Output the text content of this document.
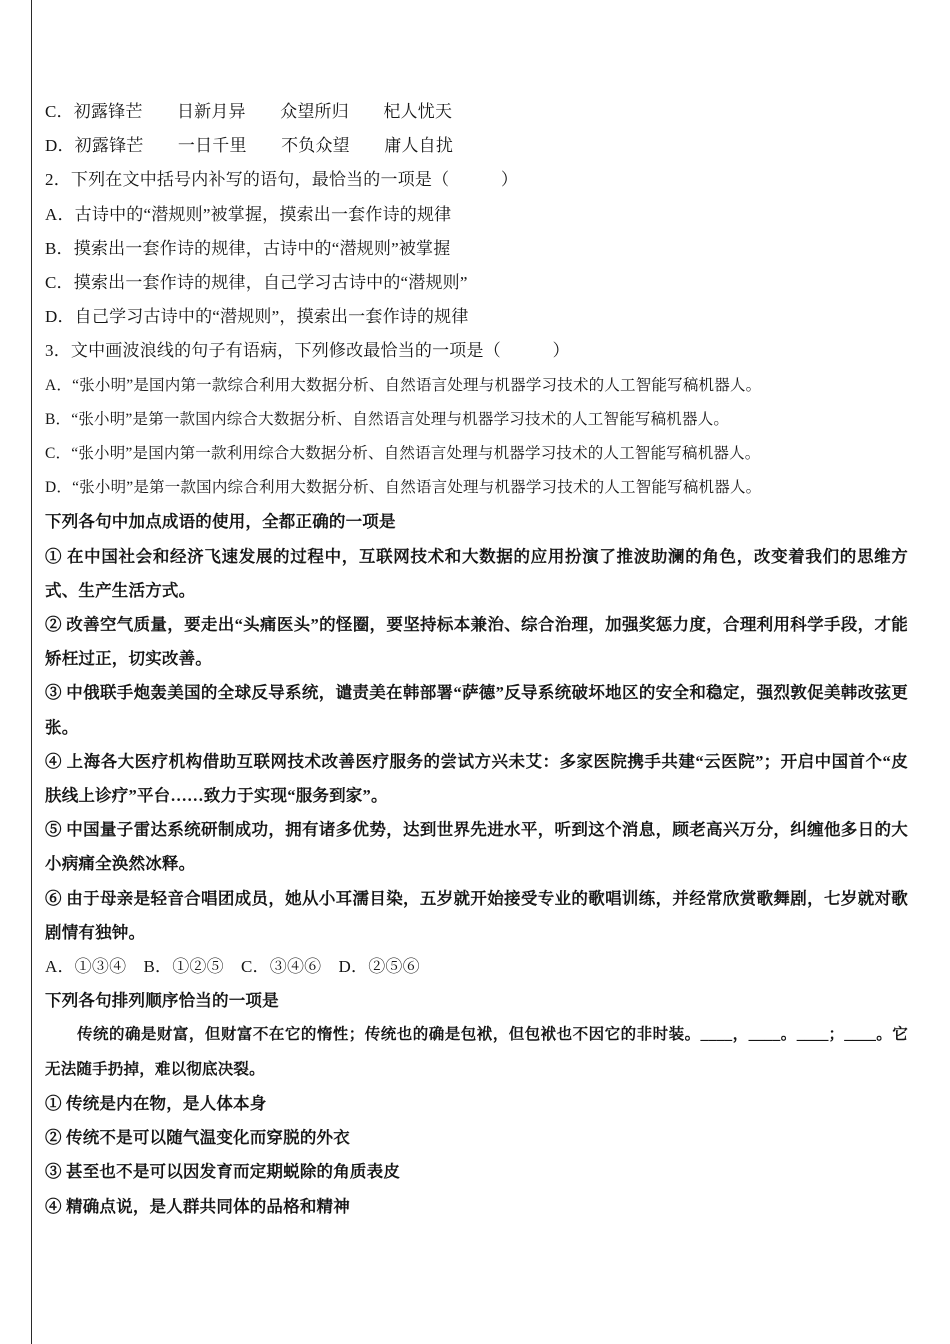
C．初露锋芒　　日新月异　　众望所归　　杞人忧天
D．初露锋芒　　一日千里　　不负众望　　庸人自扰
2．下列在文中括号内补写的语句，最恰当的一项是（　　　）
A．古诗中的“潜规则”被掌握，摸索出一套作诗的规律
B．摸索出一套作诗的规律，古诗中的“潜规则”被掌握
C．摸索出一套作诗的规律，自己学习古诗中的“潜规则”
D．自己学习古诗中的“潜规则”，摸索出一套作诗的规律
3．文中画波浪线的句子有语病，下列修改最恰当的一项是（　　　）
A．“张小明”是国内第一款综合利用大数据分析、自然语言处理与机器学习技术的人工智能写稿机器人。
B．“张小明”是第一款国内综合大数据分析、自然语言处理与机器学习技术的人工智能写稿机器人。
C．“张小明”是国内第一款利用综合大数据分析、自然语言处理与机器学习技术的人工智能写稿机器人。
D．“张小明”是第一款国内综合利用大数据分析、自然语言处理与机器学习技术的人工智能写稿机器人。
下列各句中加点成语的使用，全都正确的一项是
① 在中国社会和经济飞速发展的过程中，互联网技术和大数据的应用扮演了推波助澜的角色，改变着我们的思维方式、生产生活方式。
② 改善空气质量，要走出“头痛医头”的怪圈，要坚持标本兼治、综合治理，加强奖惩力度，合理利用科学手段，才能矫枉过正，切实改善。
③ 中俄联手炮轰美国的全球反导系统，谴责美在韩部署“萨德”反导系统破坏地区的安全和稳定，强烈敦促美韩改弦更张。
④ 上海各大医疗机构借助互联网技术改善医疗服务的尝试方兴未艾：多家医院携手共建“云医院”；开启中国首个“皮肤线上诊疗”平台……致力于实现“服务到家”。
⑤ 中国量子雷达系统研制成功，拥有诸多优势，达到世界先进水平，听到这个消息，顾老高兴万分，纠缠他多日的大小病痛全涣然冰释。
⑥ 由于母亲是轻音合唱团成员，她从小耳濡目染，五岁就开始接受专业的歌唱训练，并经常欣赏歌舞剧，七岁就对歌剧情有独钟。
A．①③④　B．①②⑤　C．③④⑥　D．②⑤⑥
下列各句排列顺序恰当的一项是
　　传统的确是财富，但财富不在它的惰性；传统也的确是包袱，但包袱也不因它的非时装。____，____。____；____。它无法随手扔掉，难以彻底决裂。
① 传统是内在物，是人体本身
② 传统不是可以随气温变化而穿脱的外衣
③ 甚至也不是可以因发育而定期蜕除的角质表皮
④ 精确点说，是人群共同体的品格和精神
